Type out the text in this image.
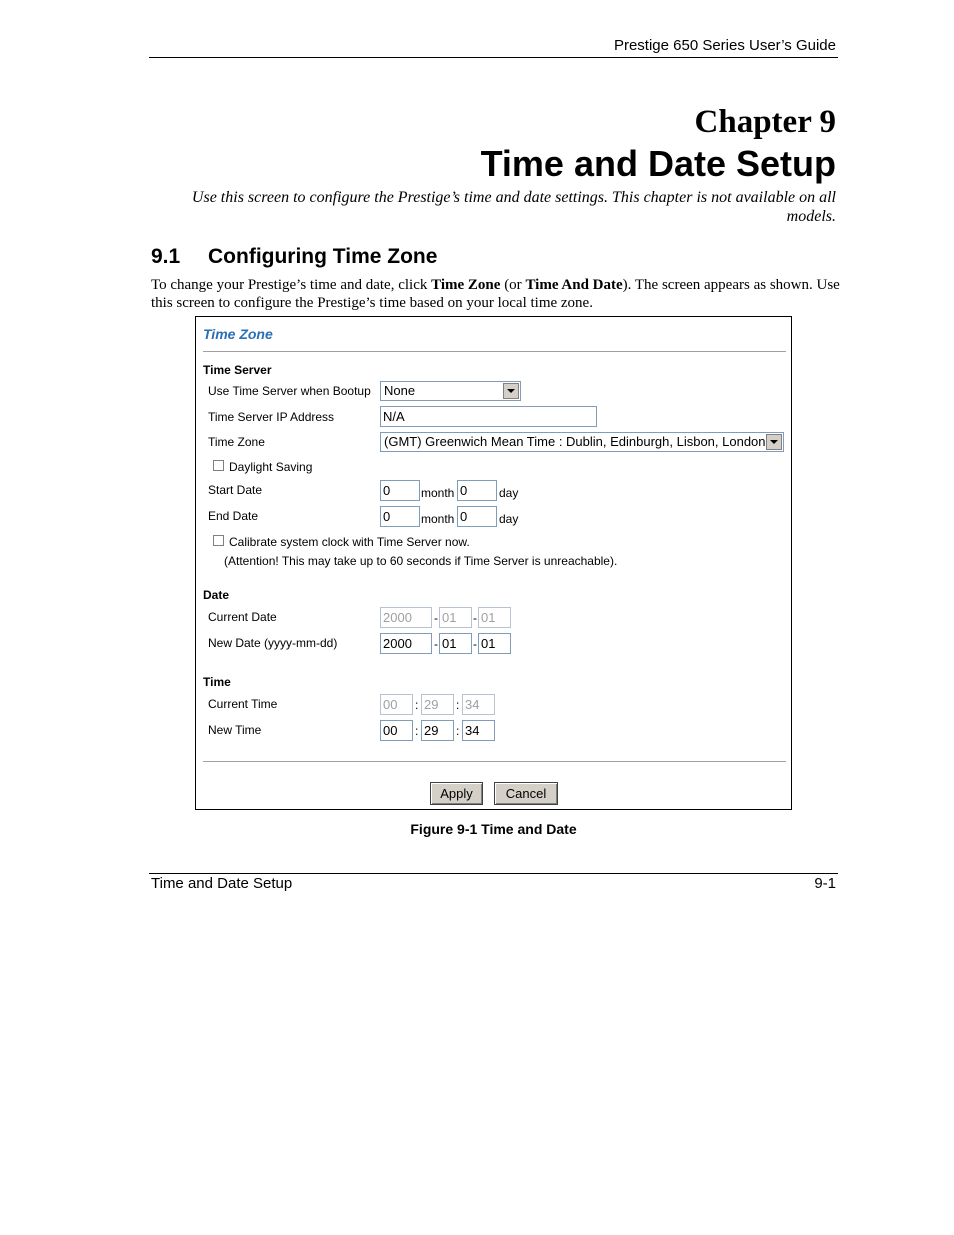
Prestige 650 Series User’s Guide
Chapter 9
Time and Date Setup
Use this screen to configure the Prestige’s time and date settings. This chapter is not available on all models.
9.1 Configuring Time Zone
To change your Prestige’s time and date, click Time Zone (or Time And Date). The screen appears as shown. Use this screen to configure the Prestige’s time based on your local time zone.
Time Zone
Time Server
Use Time Server when Bootup	None
Time Server IP Address	N/A
Time Zone	(GMT) Greenwich Mean Time : Dublin, Edinburgh, Lisbon, London
Daylight Saving
Start Date	0	month 0	day
End Date	0	month 0	day
Calibrate system clock with Time Server now.
(Attention! This may take up to 60 seconds if Time Server is unreachable).
Date
Current Date	2000	- 01	- 01
New Date (yyyy-mm-dd)	2000	- 01	- 01
Time
Current Time	00	: 29	: 34
New Time	00	: 29	: 34
Apply	Cancel
Figure 9-1 Time and Date
Time and Date Setup	9-1
